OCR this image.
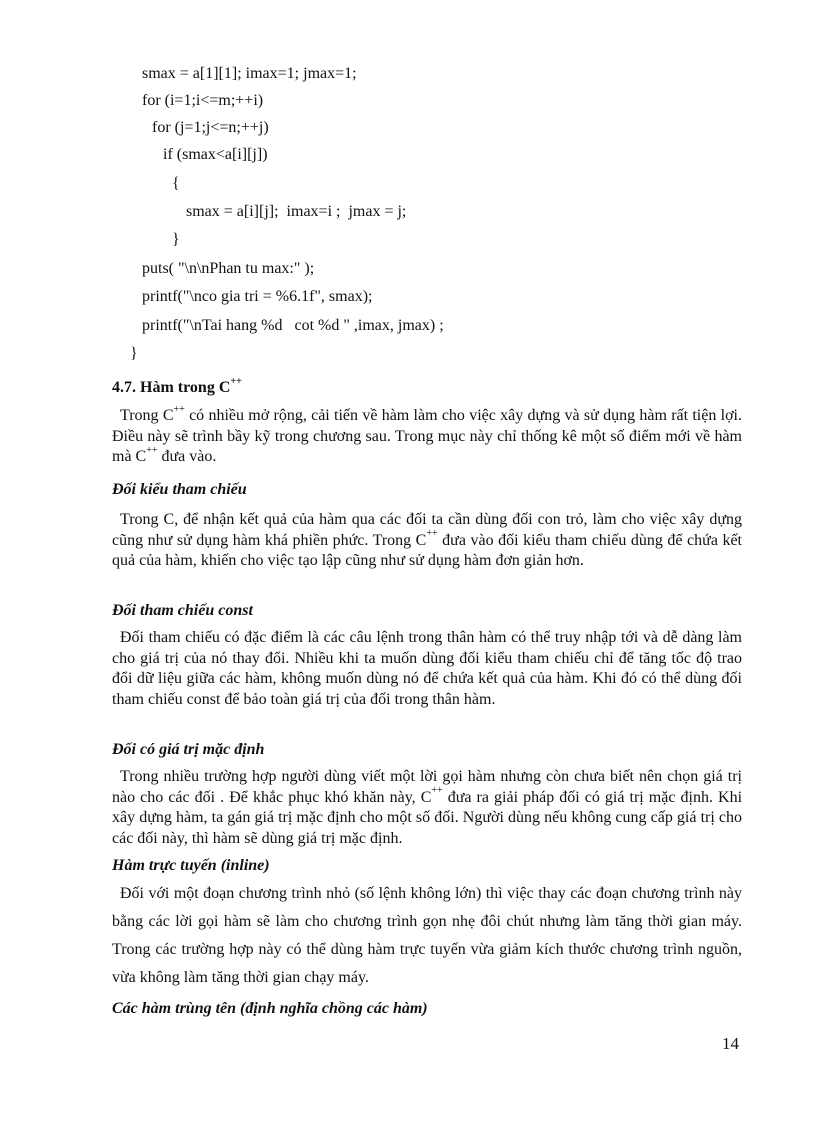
smax = a[1][1]; imax=1; jmax=1;
for (i=1;i<=m;++i)
for (j=1;j<=n;++j)
if (smax<a[i][j])
{
smax = a[i][j];  imax=i ;  jmax = j;
}
puts( "\n\nPhan tu max:" );
printf("\nco gia tri = %6.1f", smax);
printf("\nTai hang %d   cot %d " ,imax, jmax) ;
}
4.7. Hàm trong C++

Trong C++ có nhiều mở rộng, cải tiến về hàm làm cho việc xây dựng và sử dụng hàm rất tiện lợi. Điều này sẽ trình bầy kỹ trong chương sau. Trong mục này chỉ thống kê một số điểm mới về hàm mà C++ đưa vào.

Đối kiểu tham chiếu

Trong C, để nhận kết quả của hàm qua các đối ta cần dùng đối con trỏ, làm cho việc xây dựng cũng như sử dụng hàm khá phiền phức. Trong C++ đưa vào đối kiểu tham chiếu dùng để chứa kết quả của hàm, khiến cho việc tạo lập cũng như sử dụng hàm đơn giản hơn.

Đối tham chiếu const

Đối tham chiếu có đặc điểm là các câu lệnh trong thân hàm có thể truy nhập tới và dễ dàng làm cho giá trị của nó thay đổi. Nhiều khi ta muốn dùng đối kiểu tham chiếu chỉ để tăng tốc độ trao đổi dữ liệu giữa các hàm, không muốn dùng nó để chứa kết quả của hàm. Khi đó có thể dùng đối tham chiếu const để bảo toàn giá trị của đối trong thân hàm.

Đối có giá trị mặc định

Trong nhiều trường hợp người dùng viết một lời gọi hàm nhưng còn chưa biết nên chọn giá trị nào cho các đối . Để khắc phục khó khăn này, C++ đưa ra giải pháp đối có giá trị mặc định. Khi xây dựng hàm, ta gán giá trị mặc định cho một số đối. Người dùng nếu không cung cấp giá trị cho các đối này, thì hàm sẽ dùng giá trị mặc định.

Hàm trực tuyến (inline)

Đối với một đoạn chương trình nhỏ (số lệnh không lớn) thì việc thay các đoạn chương trình này bằng các lời gọi hàm sẽ làm cho chương trình gọn nhẹ đôi chút nhưng làm tăng thời gian máy. Trong các trường hợp này có thể dùng hàm trực tuyến vừa giảm kích thước chương trình nguồn, vừa không làm tăng thời gian chạy máy.

Các hàm trùng tên (định nghĩa chồng các hàm)
14
